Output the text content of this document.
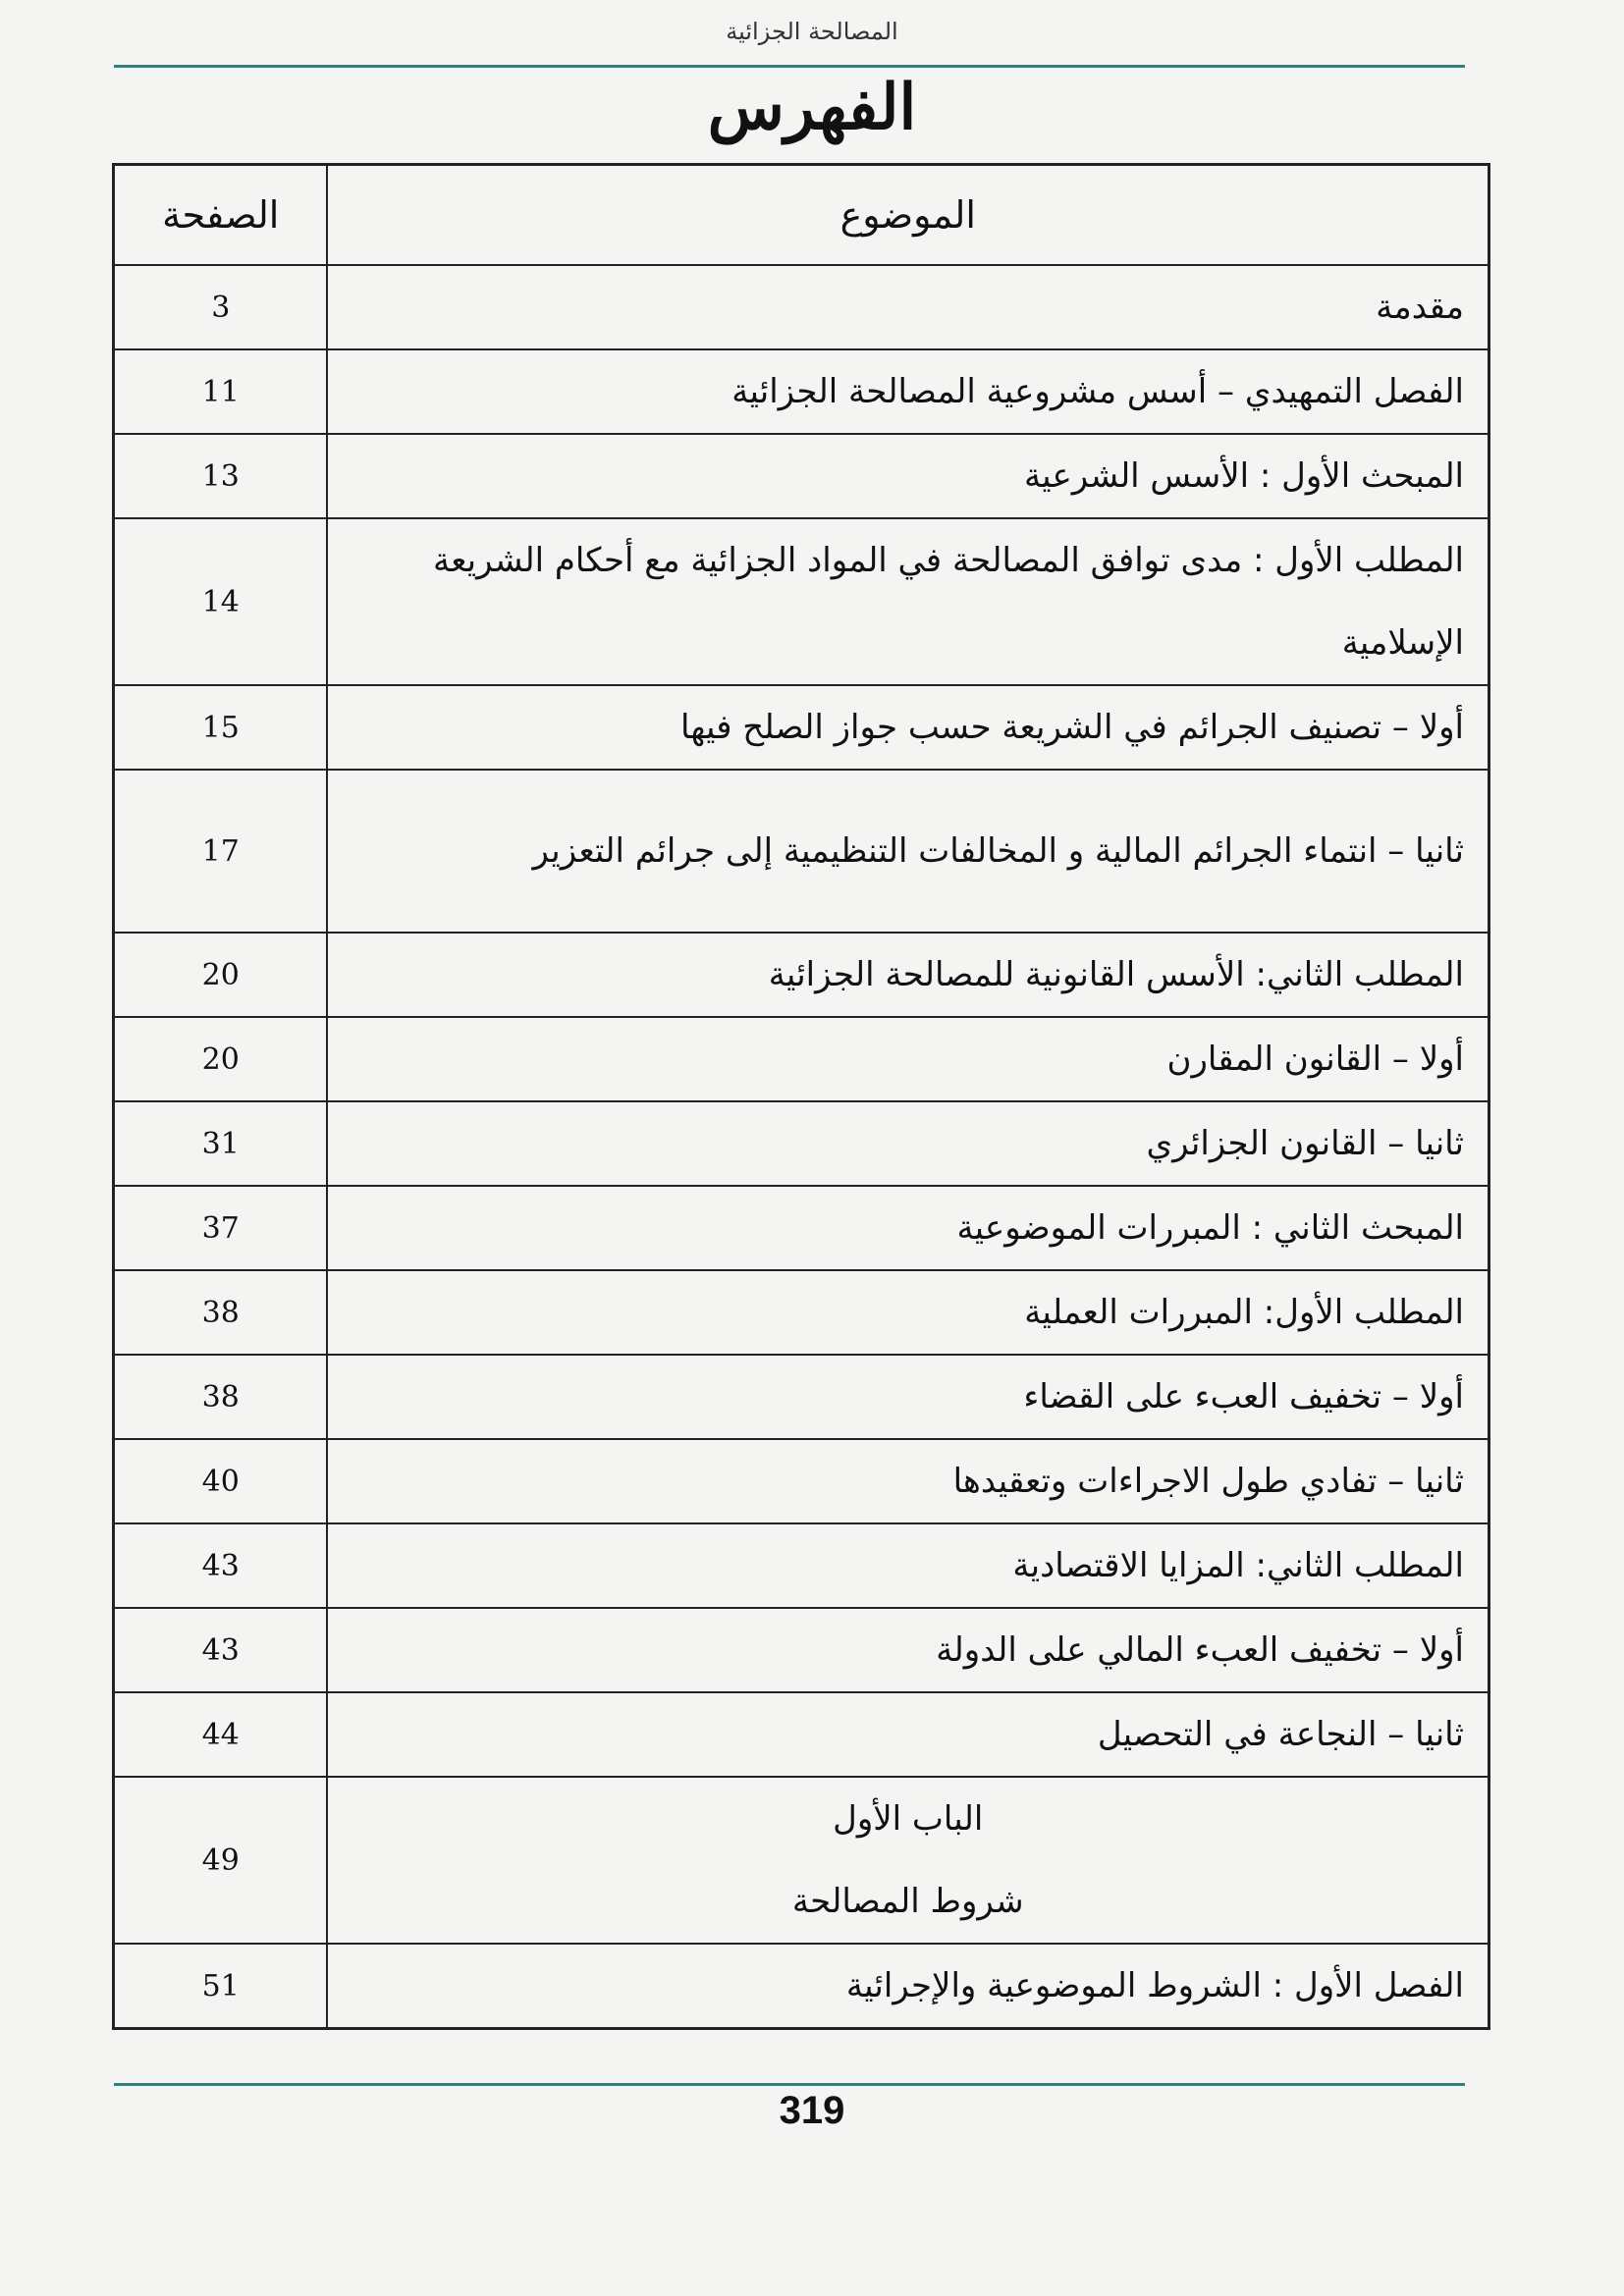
المصالحة الجزائية
الفهرس
الموضوع	الصفحة
مقدمة	3
الفصل التمهيدي – أسس مشروعية المصالحة الجزائية	11
المبحث الأول : الأسس الشرعية	13
المطلب الأول : مدى توافق المصالحة في المواد الجزائية مع أحكام الشريعة الإسلامية	14
أولا – تصنيف الجرائم في الشريعة حسب جواز الصلح فيها	15
ثانيا – انتماء الجرائم المالية و المخالفات التنظيمية إلى جرائم التعزير	17
المطلب الثاني: الأسس القانونية للمصالحة الجزائية	20
أولا – القانون المقارن	20
ثانيا – القانون الجزائري	31
المبحث الثاني : المبررات الموضوعية	37
المطلب الأول: المبررات العملية	38
أولا – تخفيف العبء على القضاء	38
ثانيا – تفادي طول الاجراءات وتعقيدها	40
المطلب الثاني: المزايا الاقتصادية	43
أولا – تخفيف العبء المالي على الدولة	43
ثانيا – النجاعة في التحصيل	44

الباب الأول
شروط المصالحة	49
الفصل الأول : الشروط الموضوعية والإجرائية	51
319
